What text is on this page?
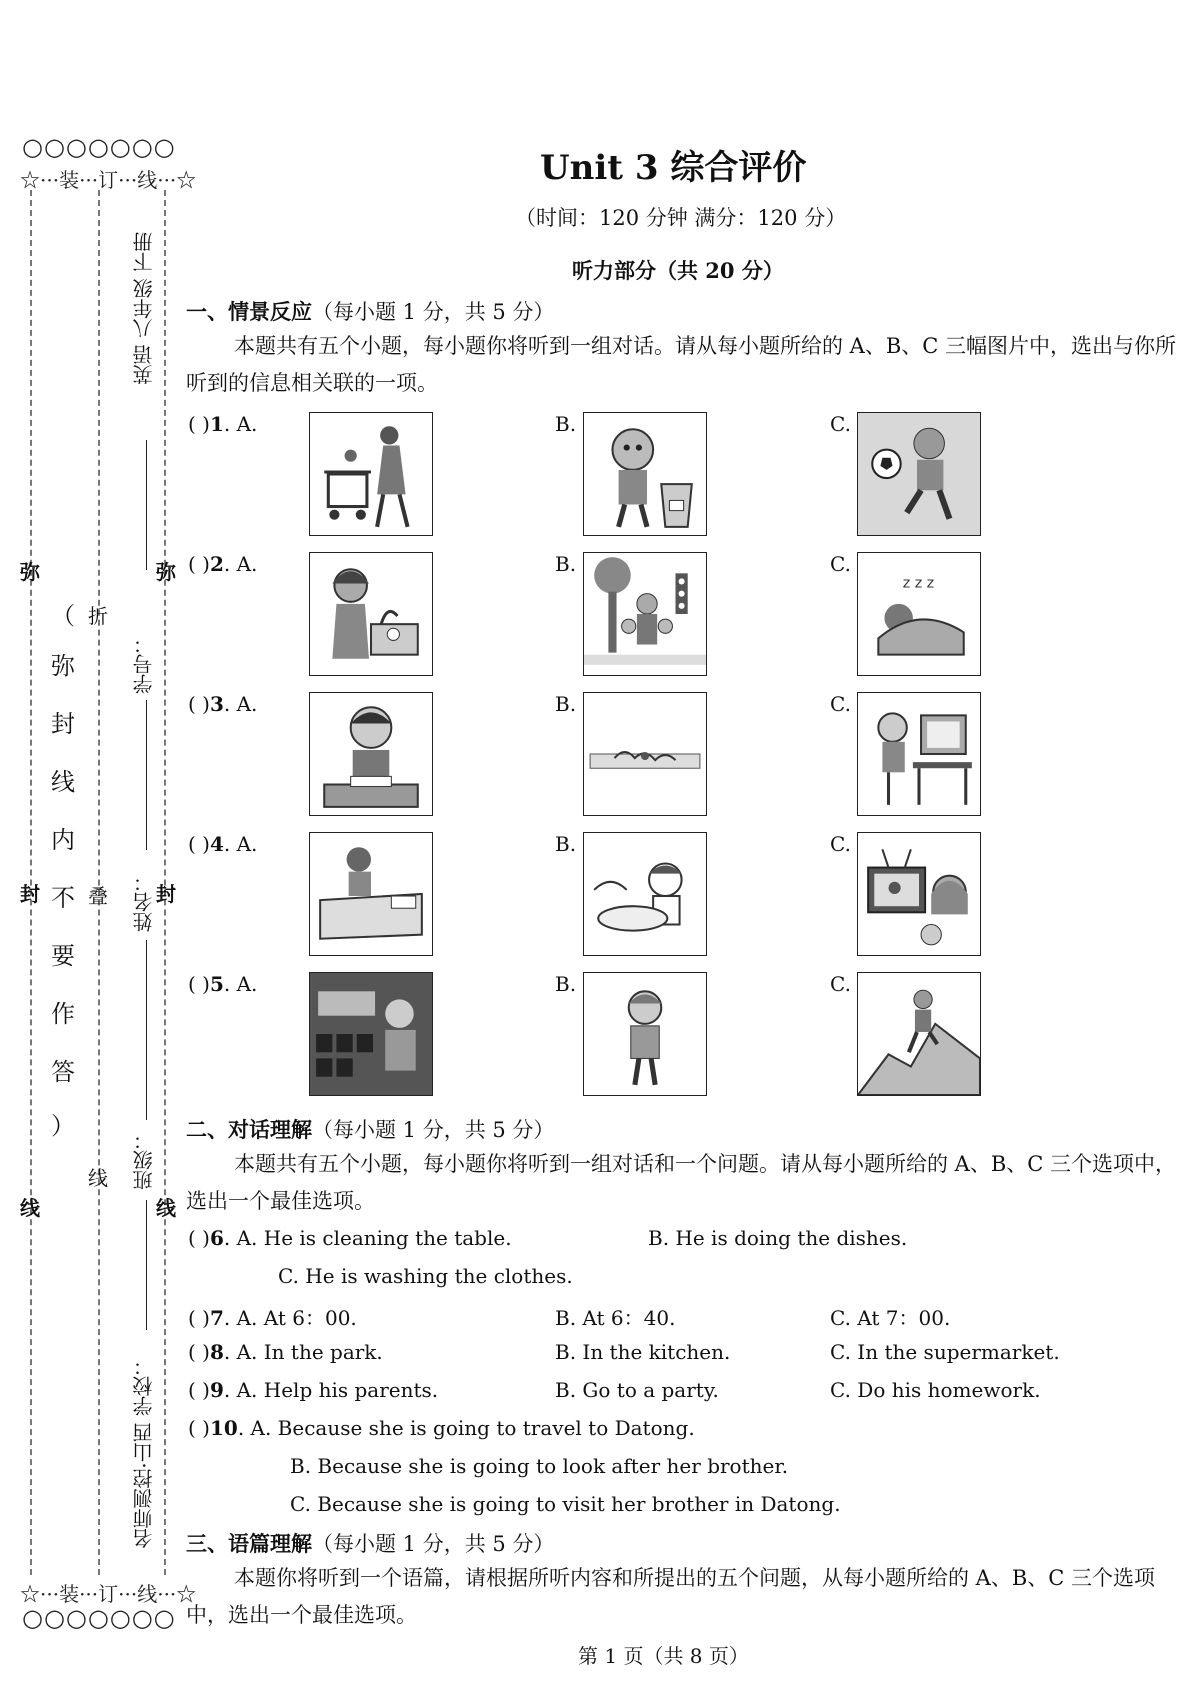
○○○○○○○
☆···装···订···线···☆
○○○○○○○
☆···装···订···线···☆
弥
封
线
（
弥
封
线
内
不
要
作
答
）
折
叠
线
弥
封
线
英语 八年级 下册
学号：
姓名：
班级：
名师测控·山西 学校：
Unit 3 综合评价
（时间：120 分钟 满分：120 分）
听力部分（共 20 分）
一、情景反应（每小题 1 分，共 5 分）
本题共有五个小题，每小题你将听到一组对话。请从每小题所给的 A、B、C 三幅图片中，选出与你所听到的信息相关联的一项。
( )1. A.	B.	C.
( )2. A.	B.	C.
z z z
( )3. A.	B.	C.
( )4. A.	B.	C.
( )5. A.	B.	C.
二、对话理解（每小题 1 分，共 5 分）
本题共有五个小题，每小题你将听到一组对话和一个问题。请从每小题所给的 A、B、C 三个选项中，选出一个最佳选项。
( )6. A. He is cleaning the table.	B. He is doing the dishes.
C. He is washing the clothes.
( )7. A. At 6：00.	B. At 6：40.	C. At 7：00.
( )8. A. In the park.	B. In the kitchen.	C. In the supermarket.
( )9. A. Help his parents.	B. Go to a party.	C. Do his homework.
( )10. A. Because she is going to travel to Datong.
B. Because she is going to look after her brother.
C. Because she is going to visit her brother in Datong.
三、语篇理解（每小题 1 分，共 5 分）
本题你将听到一个语篇，请根据所听内容和所提出的五个问题，从每小题所给的 A、B、C 三个选项中，选出一个最佳选项。
第 1 页（共 8 页）
